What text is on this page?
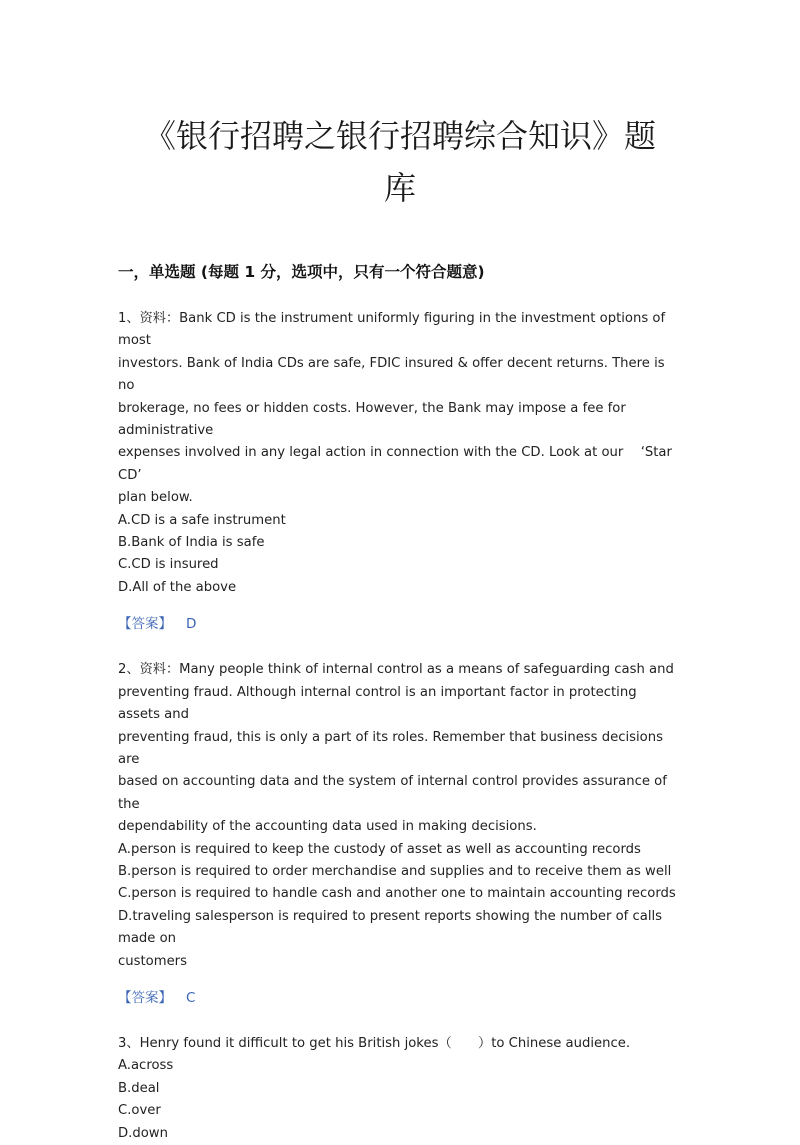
《银行招聘之银行招聘综合知识》题
库
一，单选题 (每题 1 分，选项中，只有一个符合题意)

1、资料：Bank CD is the instrument uniformly figuring in the investment options of most

investors. Bank of India CDs are safe, FDIC insured & offer decent returns. There is no

brokerage, no fees or hidden costs. However, the Bank may impose a fee for administrative

expenses involved in any legal action in connection with the CD. Look at our 　‘Star CD’

plan below.

A.CD is a safe instrument

B.Bank of India is safe

C.CD is insured

D.All of the above

【答案】 D

2、资料：Many people think of internal control as a means of safeguarding cash and

preventing fraud. Although internal control is an important factor in protecting assets and

preventing fraud, this is only a part of its roles. Remember that business decisions are

based on accounting data and the system of internal control provides assurance of the

dependability of the accounting data used in making decisions.

A.person is required to keep the custody of asset as well as accounting records

B.person is required to order merchandise and supplies and to receive them as well

C.person is required to handle cash and another one to maintain accounting records

D.traveling salesperson is required to present reports showing the number of calls made on

customers

【答案】 C

3、Henry found it difficult to get his British jokes（　　）to Chinese audience.

A.across

B.deal

C.over

D.down
